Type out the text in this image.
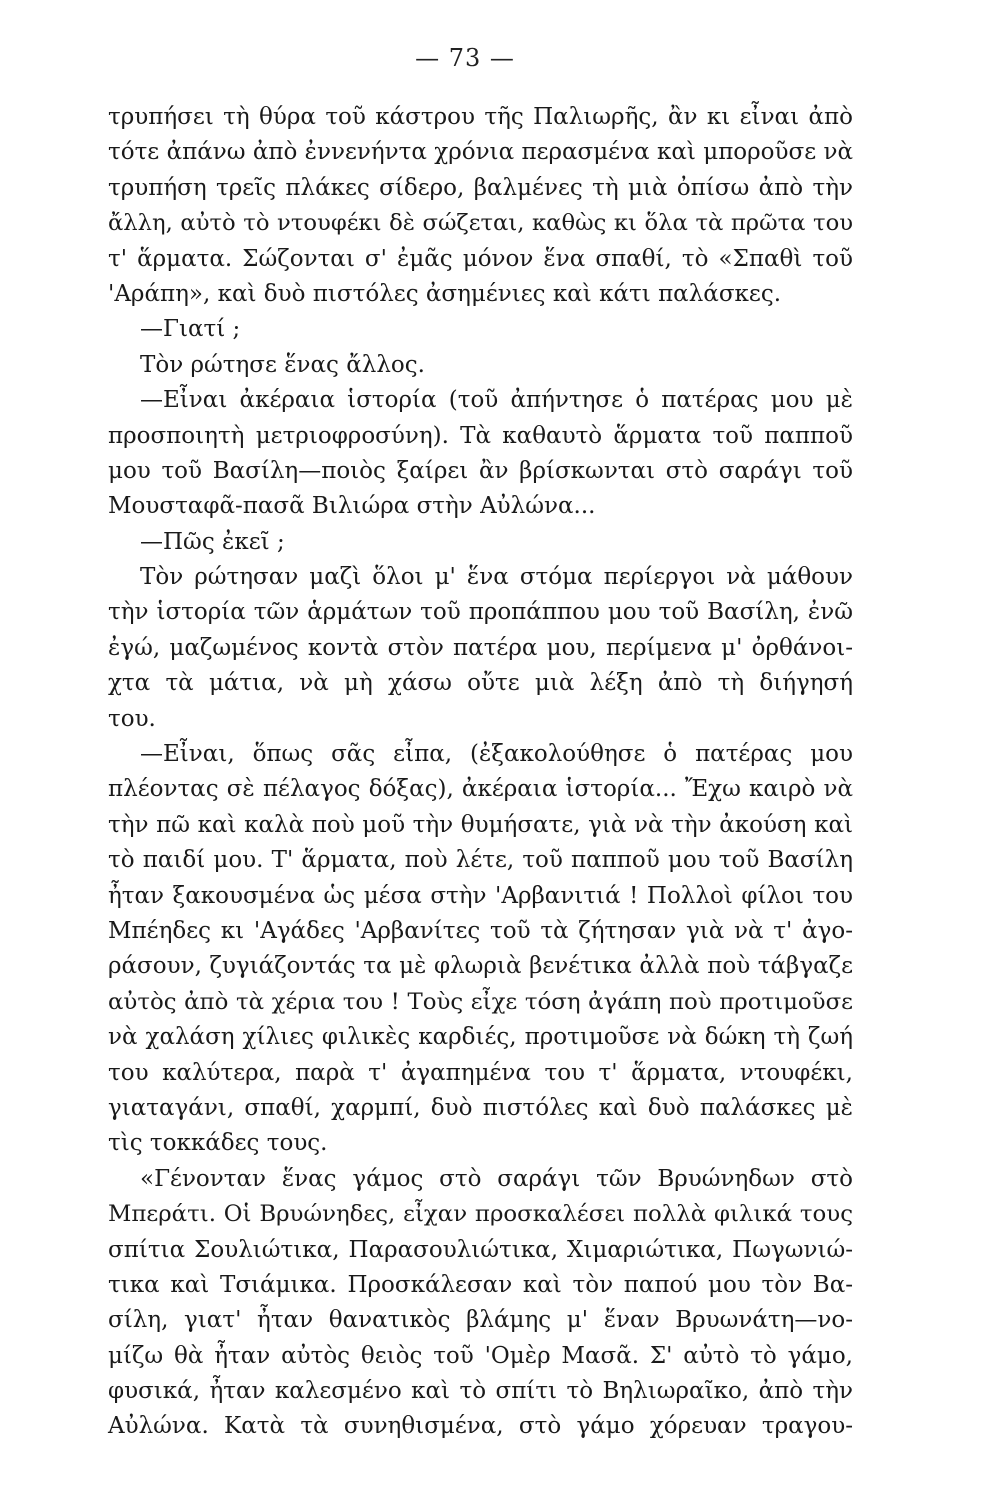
— 73 —
τρυπήσει τὴ θύρα τοῦ κάστρου τῆς Παλιωρῆς, ἂν κι εἶναι ἀπὸ
τότε ἀπάνω ἀπὸ ἐννενήντα χρόνια περασμένα καὶ μποροῦσε νὰ
τρυπήση τρεῖς πλάκες σίδερο, βαλμένες τὴ μιὰ ὀπίσω ἀπὸ τὴν
ἄλλη, αὐτὸ τὸ ντουφέκι δὲ σώζεται, καθὼς κι ὅλα τὰ πρῶτα του
τ' ἅρματα. Σώζονται σ' ἐμᾶς μόνον ἕνα σπαθί, τὸ «Σπαθὶ τοῦ
'Αράπη», καὶ δυὸ πιστόλες ἀσημένιες καὶ κάτι παλάσκες.
—Γιατί ;
Τὸν ρώτησε ἕνας ἄλλος.
—Εἶναι ἀκέραια ἱστορία (τοῦ ἀπήντησε ὁ πατέρας μου μὲ
προσποιητὴ μετριοφροσύνη). Τὰ καθαυτὸ ἅρματα τοῦ παπποῦ
μου τοῦ Βασίλη—ποιὸς ξαίρει ἂν βρίσκωνται στὸ σαράγι τοῦ
Μουσταφᾶ-πασᾶ Βιλιώρα στὴν Αὐλώνα...
—Πῶς ἐκεῖ ;
Τὸν ρώτησαν μαζὶ ὅλοι μ' ἕνα στόμα περίεργοι νὰ μάθουν
τὴν ἱστορία τῶν ἁρμάτων τοῦ προπάππου μου τοῦ Βασίλη, ἐνῶ
ἐγώ, μαζωμένος κοντὰ στὸν πατέρα μου, περίμενα μ' ὀρθάνοι-
χτα τὰ μάτια, νὰ μὴ χάσω οὔτε μιὰ λέξη ἀπὸ τὴ διήγησή
του.
—Εἶναι, ὅπως σᾶς εἶπα, (ἐξακολούθησε ὁ πατέρας μου
πλέοντας σὲ πέλαγος δόξας), ἀκέραια ἱστορία... Ἔχω καιρὸ νὰ
τὴν πῶ καὶ καλὰ ποὺ μοῦ τὴν θυμήσατε, γιὰ νὰ τὴν ἀκούση καὶ
τὸ παιδί μου. Τ' ἅρματα, ποὺ λέτε, τοῦ παπποῦ μου τοῦ Βασίλη
ἦταν ξακουσμένα ὡς μέσα στὴν 'Αρβανιτιά ! Πολλοὶ φίλοι του
Μπέηδες κι 'Αγάδες 'Αρβανίτες τοῦ τὰ ζήτησαν γιὰ νὰ τ' ἀγο-
ράσουν, ζυγιάζοντάς τα μὲ φλωριὰ βενέτικα ἀλλὰ ποὺ τάβγαζε
αὐτὸς ἀπὸ τὰ χέρια του ! Τοὺς εἶχε τόση ἀγάπη ποὺ προτιμοῦσε
νὰ χαλάση χίλιες φιλικὲς καρδιές, προτιμοῦσε νὰ δώκη τὴ ζωή
του καλύτερα, παρὰ τ' ἀγαπημένα του τ' ἅρματα, ντουφέκι,
γιαταγάνι, σπαθί, χαρμπί, δυὸ πιστόλες καὶ δυὸ παλάσκες μὲ
τὶς τοκκάδες τους.
«Γένονταν ἕνας γάμος στὸ σαράγι τῶν Βρυώνηδων στὸ
Μπεράτι. Οἱ Βρυώνηδες, εἶχαν προσκαλέσει πολλὰ φιλικά τους
σπίτια Σουλιώτικα, Παρασουλιώτικα, Χιμαριώτικα, Πωγωνιώ-
τικα καὶ Τσιάμικα. Προσκάλεσαν καὶ τὸν παπού μου τὸν Βα-
σίλη, γιατ' ἦταν θανατικὸς βλάμης μ' ἕναν Βρυωνάτη—νο-
μίζω θὰ ἦταν αὐτὸς θειὸς τοῦ 'Ομὲρ Μασᾶ. Σ' αὐτὸ τὸ γάμο,
φυσικά, ἦταν καλεσμένο καὶ τὸ σπίτι τὸ Βηλιωραῖκο, ἀπὸ τὴν
Αὐλώνα. Κατὰ τὰ συνηθισμένα, στὸ γάμο χόρευαν τραγου-
